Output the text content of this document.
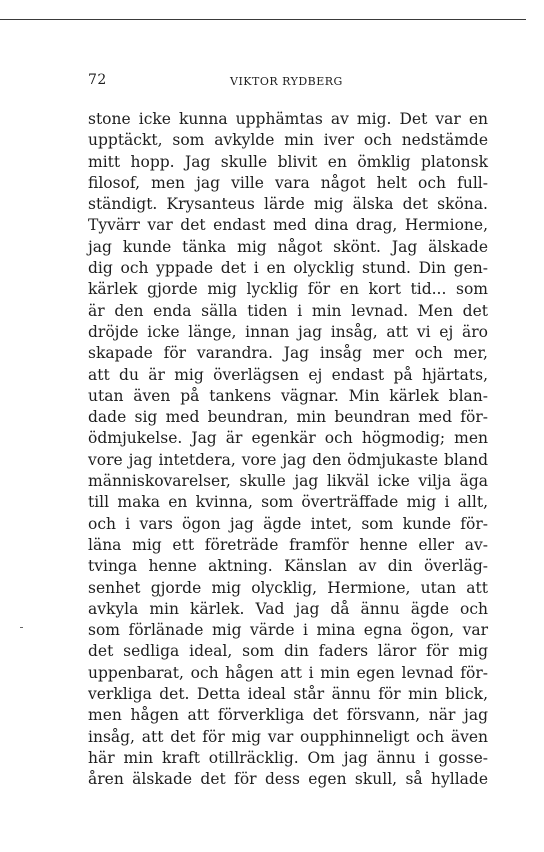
72	VIKTOR RYDBERG
stone icke kunna upphämtas av mig. Det var en
upptäckt, som avkylde min iver och nedstämde
mitt hopp. Jag skulle blivit en ömklig platonsk
filosof, men jag ville vara något helt och full-
ständigt. Krysanteus lärde mig älska det sköna.
Tyvärr var det endast med dina drag, Hermione,
jag kunde tänka mig något skönt. Jag älskade
dig och yppade det i en olycklig stund. Din gen-
kärlek gjorde mig lycklig för en kort tid... som
är den enda sälla tiden i min levnad. Men det
dröjde icke länge, innan jag insåg, att vi ej äro
skapade för varandra. Jag insåg mer och mer,
att du är mig överlägsen ej endast på hjärtats,
utan även på tankens vägnar. Min kärlek blan-
dade sig med beundran, min beundran med för-
ödmjukelse. Jag är egenkär och högmodig; men
vore jag intetdera, vore jag den ödmjukaste bland
människovarelser, skulle jag likväl icke vilja äga
till maka en kvinna, som överträffade mig i allt,
och i vars ögon jag ägde intet, som kunde för-
läna mig ett företräde framför henne eller av-
tvinga henne aktning. Känslan av din överläg-
senhet gjorde mig olycklig, Hermione, utan att
avkyla min kärlek. Vad jag då ännu ägde och
som förlänade mig värde i mina egna ögon, var
det sedliga ideal, som din faders läror för mig
uppenbarat, och hågen att i min egen levnad för-
verkliga det. Detta ideal står ännu för min blick,
men hågen att förverkliga det försvann, när jag
insåg, att det för mig var oupphinneligt och även
här min kraft otillräcklig. Om jag ännu i gosse-
åren älskade det för dess egen skull, så hyllade
